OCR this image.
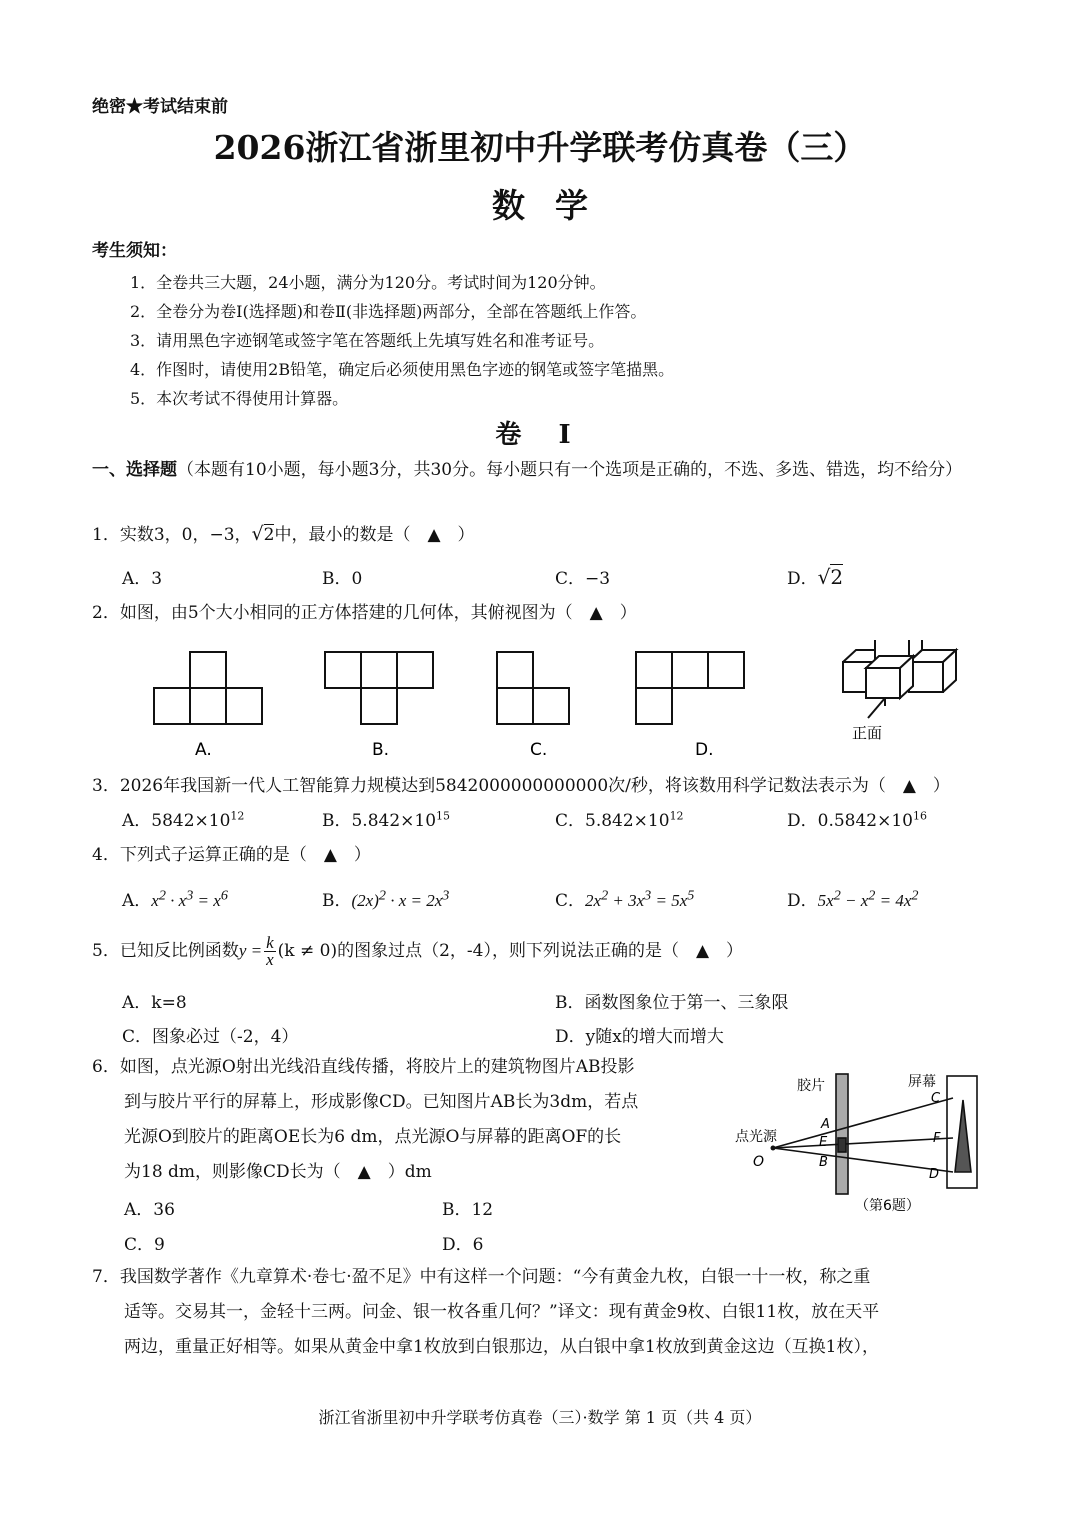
绝密★考试结束前
2026浙江省浙里初中升学联考仿真卷（三）
数学
考生须知：
1．全卷共三大题，24小题，满分为120分。考试时间为120分钟。
2．全卷分为卷Ⅰ(选择题)和卷Ⅱ(非选择题)两部分，全部在答题纸上作答。
3．请用黑色字迹钢笔或签字笔在答题纸上先填写姓名和准考证号。
4．作图时，请使用2B铅笔，确定后必须使用黑色字迹的钢笔或签字笔描黑。
5．本次考试不得使用计算器。
卷 I
一、选择题（本题有10小题，每小题3分，共30分。每小题只有一个选项是正确的，不选、多选、错选，均不给分）
1．实数3，0，−3，√2中，最小的数是（　▲　）
A．3	B．0	C．−3	D．√2
2．如图，由5个大小相同的正方体搭建的几何体，其俯视图为（　▲　）
A.	B.	C.	D.
正面
3．2026年我国新一代人工智能算力规模达到5842000000000000次/秒，将该数用科学记数法表示为（　▲　）
A．$5842\times 10^{12}$	B．$5.842\times 10^{15}$	C．$5.842\times 10^{12}$	D．$0.5842\times 10^{16}$
4．下列式子运算正确的是（　▲　）
A．$x^2 \cdot x^3 = x^6$	B．$(2x)^2 \cdot x = 2x^3$	C．$2x^2 + 3x^3 = 5x^5$	D．$5x^2 - x^2 = 4x^2$
5．已知反比例函数$y = \frac{k}{x} (k \ne 0)$的图象过点（2，-4），则下列说法正确的是（　▲　）
A．k=8	B．函数图象位于第一、三象限
C．图象必过（-2，4）	D．y随x的增大而增大
6．如图，点光源O射出光线沿直线传播，将胶片上的建筑物图片AB投影
到与胶片平行的屏幕上，形成影像CD。已知图片AB长为3dm，若点
光源O到胶片的距离OE长为6 dm，点光源O与屏幕的距离OF的长
为18 dm，则影像CD长为（　▲　）dm
A．36	B．12
C．9	D．6
胶片	屏幕
点光源
O
A
E
B
C
F
D
（第6题）
7．我国数学著作《九章算术·卷七·盈不足》中有这样一个问题：“今有黄金九枚，白银一十一枚，称之重
适等。交易其一，金轻十三两。问金、银一枚各重几何？”译文：现有黄金9枚、白银11枚，放在天平
两边，重量正好相等。如果从黄金中拿1枚放到白银那边，从白银中拿1枚放到黄金这边（互换1枚），
浙江省浙里初中升学联考仿真卷（三）·数学 第 1 页（共 4 页）
